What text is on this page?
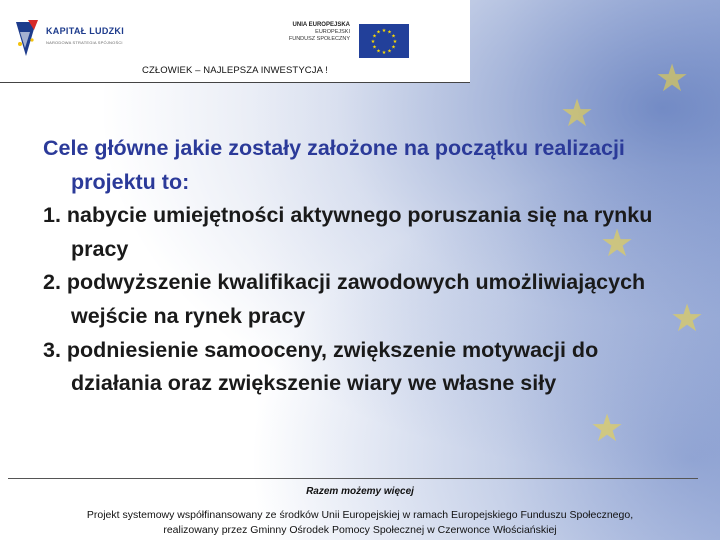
★
★
★
★
★
KAPITAŁ LUDZKI
NARODOWA STRATEGIA SPÓJNOŚCI
UNIA EUROPEJSKA
EUROPEJSKI
FUNDUSZ SPOŁECZNY
★ ★
★
★
★
★
★
★
★
★
★
★
CZŁOWIEK – NAJLEPSZA INWESTYCJA !
Cele główne jakie zostały założone na początku realizacji projektu to:
1. nabycie umiejętności aktywnego poruszania się na rynku pracy
2. podwyższenie kwalifikacji zawodowych umożliwiających wejście na rynek pracy
3. podniesienie samooceny, zwiększenie motywacji do działania oraz zwiększenie wiary we własne siły
Razem możemy więcej
Projekt systemowy współfinansowany ze środków Unii Europejskiej w ramach Europejskiego Funduszu Społecznego,
realizowany przez Gminny Ośrodek Pomocy Społecznej w Czerwonce Włościańskiej
